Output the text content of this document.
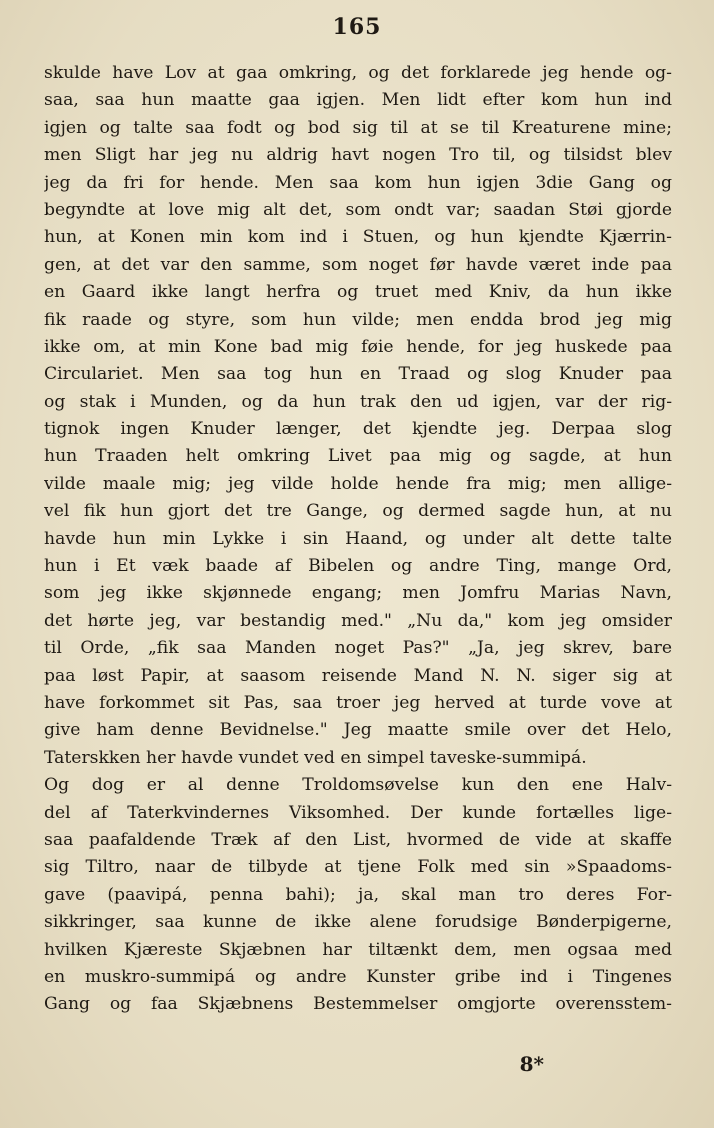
165
skulde have Lov at gaa omkring, og det forklarede jeg hende og-
saa, saa hun maatte gaa igjen. Men lidt efter kom hun ind
igjen og talte saa fodt og bod sig til at se til Kreaturene mine;
men Sligt har jeg nu aldrig havt nogen Tro til, og tilsidst blev
jeg da fri for hende. Men saa kom hun igjen 3die Gang og
begyndte at love mig alt det, som ondt var; saadan Støi gjorde
hun, at Konen min kom ind i Stuen, og hun kjendte Kjærrin-
gen, at det var den samme, som noget før havde været inde paa
en Gaard ikke langt herfra og truet med Kniv, da hun ikke
fik raade og styre, som hun vilde; men endda brod jeg mig
ikke om, at min Kone bad mig føie hende, for jeg huskede paa
Circulariet. Men saa tog hun en Traad og slog Knuder paa
og stak i Munden, og da hun trak den ud igjen, var der rig-
tignok ingen Knuder længer, det kjendte jeg. Derpaa slog
hun Traaden helt omkring Livet paa mig og sagde, at hun
vilde maale mig; jeg vilde holde hende fra mig; men allige-
vel fik hun gjort det tre Gange, og dermed sagde hun, at nu
havde hun min Lykke i sin Haand, og under alt dette talte
hun i Et væk baade af Bibelen og andre Ting, mange Ord,
som jeg ikke skjønnede engang; men Jomfru Marias Navn,
det hørte jeg, var bestandig med." „Nu da," kom jeg omsider
til Orde, „fik saa Manden noget Pas?" „Ja, jeg skrev, bare
paa løst Papir, at saasom reisende Mand N. N. siger sig at
have forkommet sit Pas, saa troer jeg herved at turde vove at
give ham denne Bevidnelse." Jeg maatte smile over det Helo,
Taterskken her havde vundet ved en simpel taveske-summipá.
Og dog er al denne Troldomsøvelse kun den ene Halv-
del af Taterkvindernes Viksomhed. Der kunde fortælles lige-
saa paafaldende Træk af den List, hvormed de vide at skaffe
sig Tiltro, naar de tilbyde at tjene Folk med sin »Spaadoms-
gave (paavipá, penna bahi); ja, skal man tro deres For-
sikkringer, saa kunne de ikke alene forudsige Bønderpigerne,
hvilken Kjæreste Skjæbnen har tiltænkt dem, men ogsaa med
en muskro-summipá og andre Kunster gribe ind i Tingenes
Gang og faa Skjæbnens Bestemmelser omgjorte overensstem-
8*
